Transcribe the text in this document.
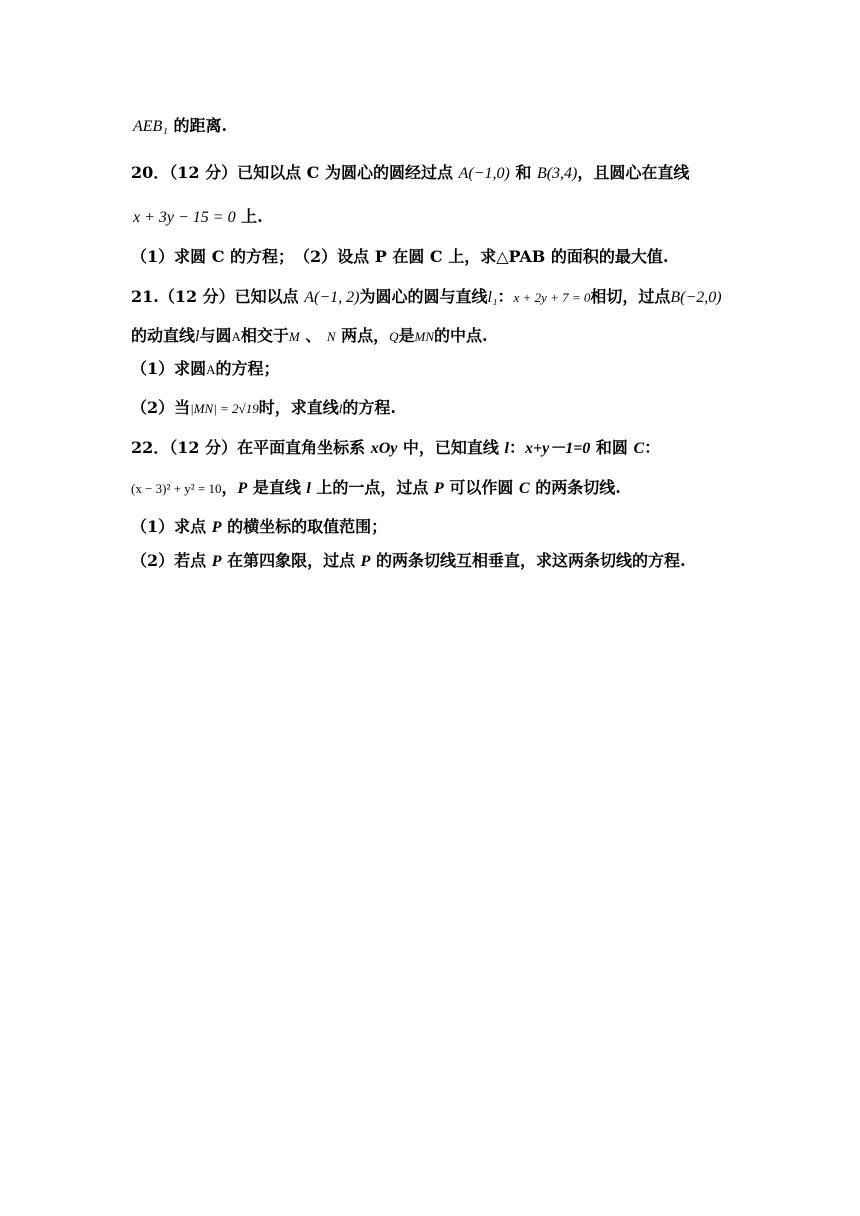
AEB₁ 的距离.
20．（12 分）已知以点 C 为圆心的圆经过点 A(−1,0) 和 B(3,4)，且圆心在直线
x + 3y − 15 = 0 上.
（1）求圆 C 的方程；　（2）设点 P 在圆 C 上，求△PAB 的面积的最大值.
21.（12 分）已知以点 A(−1, 2)为圆心的圆与直线l₁：x + 2y + 7 = 0相切，过点B(−2,0)
的动直线l与圆A相交于M 、 N 两点，Q是MN的中点.
（1）求圆A的方程；
（2）当|MN| = 2√19时，求直线l的方程.
22．（12 分）在平面直角坐标系 xOy 中，已知直线 l：x+y－1=0 和圆 C：
(x − 3)² + y² = 10，P 是直线 l 上的一点，过点 P 可以作圆 C 的两条切线.
（1）求点 P 的横坐标的取值范围；
（2）若点 P 在第四象限，过点 P 的两条切线互相垂直，求这两条切线的方程.
